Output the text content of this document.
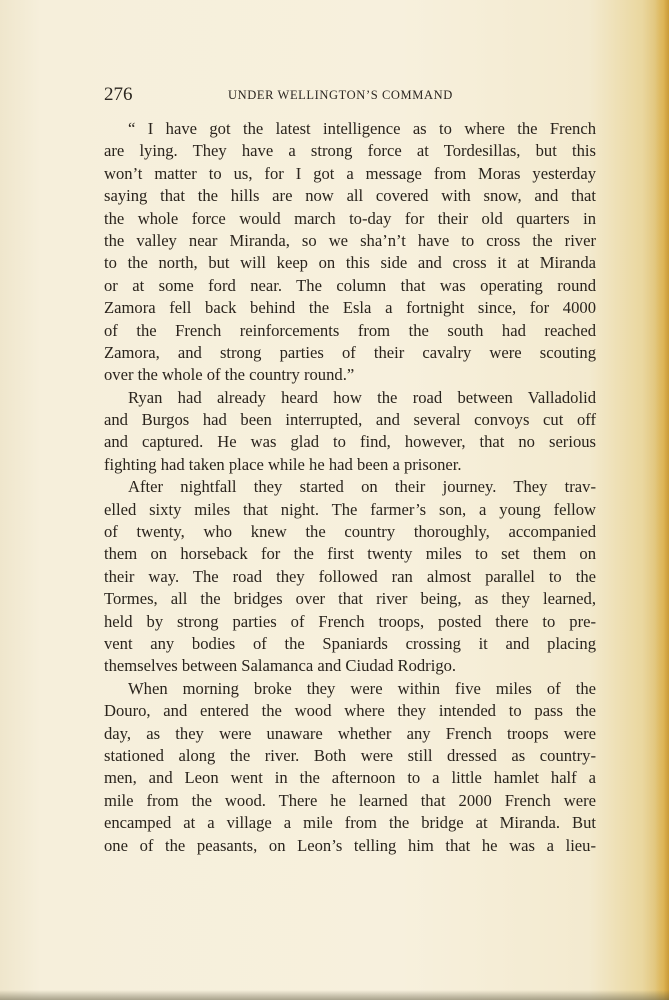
276	UNDER WELLINGTON’S COMMAND
“ I have got the latest intelligence as to where the French
are lying. They have a strong force at Tordesillas, but this
won’t matter to us, for I got a message from Moras yesterday
saying that the hills are now all covered with snow, and that
the whole force would march to-day for their old quarters in
the valley near Miranda, so we sha’n’t have to cross the river
to the north, but will keep on this side and cross it at Miranda
or at some ford near. The column that was operating round
Zamora fell back behind the Esla a fortnight since, for 4000
of the French reinforcements from the south had reached
Zamora, and strong parties of their cavalry were scouting
over the whole of the country round.”
Ryan had already heard how the road between Valladolid
and Burgos had been interrupted, and several convoys cut off
and captured. He was glad to find, however, that no serious
fighting had taken place while he had been a prisoner.
After nightfall they started on their journey. They trav-
elled sixty miles that night. The farmer’s son, a young fellow
of twenty, who knew the country thoroughly, accompanied
them on horseback for the first twenty miles to set them on
their way. The road they followed ran almost parallel to the
Tormes, all the bridges over that river being, as they learned,
held by strong parties of French troops, posted there to pre-
vent any bodies of the Spaniards crossing it and placing
themselves between Salamanca and Ciudad Rodrigo.
When morning broke they were within five miles of the
Douro, and entered the wood where they intended to pass the
day, as they were unaware whether any French troops were
stationed along the river. Both were still dressed as country-
men, and Leon went in the afternoon to a little hamlet half a
mile from the wood. There he learned that 2000 French were
encamped at a village a mile from the bridge at Miranda. But
one of the peasants, on Leon’s telling him that he was a lieu-
